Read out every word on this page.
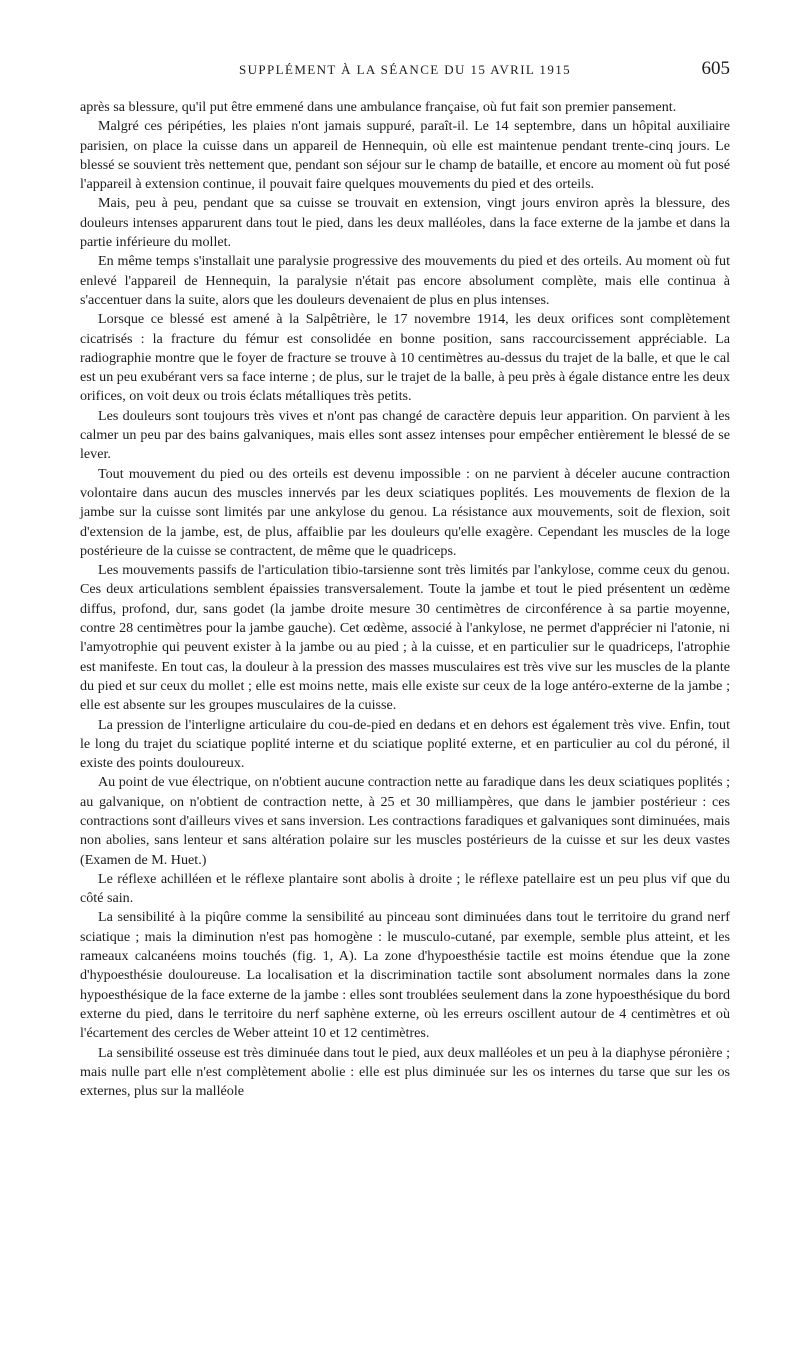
SUPPLÉMENT À LA SÉANCE DU 15 AVRIL 1915	605

après sa blessure, qu'il put être emmené dans une ambulance française, où fut fait son premier pansement.

Malgré ces péripéties, les plaies n'ont jamais suppuré, paraît-il. Le 14 septembre, dans un hôpital auxiliaire parisien, on place la cuisse dans un appareil de Hennequin, où elle est maintenue pendant trente-cinq jours. Le blessé se souvient très nettement que, pendant son séjour sur le champ de bataille, et encore au moment où fut posé l'appareil à extension continue, il pouvait faire quelques mouvements du pied et des orteils.

Mais, peu à peu, pendant que sa cuisse se trouvait en extension, vingt jours environ après la blessure, des douleurs intenses apparurent dans tout le pied, dans les deux malléoles, dans la face externe de la jambe et dans la partie inférieure du mollet.

En même temps s'installait une paralysie progressive des mouvements du pied et des orteils. Au moment où fut enlevé l'appareil de Hennequin, la paralysie n'était pas encore absolument complète, mais elle continua à s'accentuer dans la suite, alors que les douleurs devenaient de plus en plus intenses.

Lorsque ce blessé est amené à la Salpêtrière, le 17 novembre 1914, les deux orifices sont complètement cicatrisés : la fracture du fémur est consolidée en bonne position, sans raccourcissement appréciable. La radiographie montre que le foyer de fracture se trouve à 10 centimètres au-dessus du trajet de la balle, et que le cal est un peu exubérant vers sa face interne ; de plus, sur le trajet de la balle, à peu près à égale distance entre les deux orifices, on voit deux ou trois éclats métalliques très petits.

Les douleurs sont toujours très vives et n'ont pas changé de caractère depuis leur apparition. On parvient à les calmer un peu par des bains galvaniques, mais elles sont assez intenses pour empêcher entièrement le blessé de se lever.

Tout mouvement du pied ou des orteils est devenu impossible : on ne parvient à déceler aucune contraction volontaire dans aucun des muscles innervés par les deux sciatiques poplités. Les mouvements de flexion de la jambe sur la cuisse sont limités par une ankylose du genou. La résistance aux mouvements, soit de flexion, soit d'extension de la jambe, est, de plus, affaiblie par les douleurs qu'elle exagère. Cependant les muscles de la loge postérieure de la cuisse se contractent, de même que le quadriceps.

Les mouvements passifs de l'articulation tibio-tarsienne sont très limités par l'ankylose, comme ceux du genou. Ces deux articulations semblent épaissies transversalement. Toute la jambe et tout le pied présentent un œdème diffus, profond, dur, sans godet (la jambe droite mesure 30 centimètres de circonférence à sa partie moyenne, contre 28 centimètres pour la jambe gauche). Cet œdème, associé à l'ankylose, ne permet d'apprécier ni l'atonie, ni l'amyotrophie qui peuvent exister à la jambe ou au pied ; à la cuisse, et en particulier sur le quadriceps, l'atrophie est manifeste. En tout cas, la douleur à la pression des masses musculaires est très vive sur les muscles de la plante du pied et sur ceux du mollet ; elle est moins nette, mais elle existe sur ceux de la loge antéro-externe de la jambe ; elle est absente sur les groupes musculaires de la cuisse.

La pression de l'interligne articulaire du cou-de-pied en dedans et en dehors est également très vive. Enfin, tout le long du trajet du sciatique poplité interne et du sciatique poplité externe, et en particulier au col du péroné, il existe des points douloureux.

Au point de vue électrique, on n'obtient aucune contraction nette au faradique dans les deux sciatiques poplités ; au galvanique, on n'obtient de contraction nette, à 25 et 30 milliampères, que dans le jambier postérieur : ces contractions sont d'ailleurs vives et sans inversion. Les contractions faradiques et galvaniques sont diminuées, mais non abolies, sans lenteur et sans altération polaire sur les muscles postérieurs de la cuisse et sur les deux vastes (Examen de M. Huet.)

Le réflexe achilléen et le réflexe plantaire sont abolis à droite ; le réflexe patellaire est un peu plus vif que du côté sain.

La sensibilité à la piqûre comme la sensibilité au pinceau sont diminuées dans tout le territoire du grand nerf sciatique ; mais la diminution n'est pas homogène : le musculo-cutané, par exemple, semble plus atteint, et les rameaux calcanéens moins touchés (fig. 1, A). La zone d'hypoesthésie tactile est moins étendue que la zone d'hypoesthésie douloureuse. La localisation et la discrimination tactile sont absolument normales dans la zone hypoesthésique de la face externe de la jambe : elles sont troublées seulement dans la zone hypoesthésique du bord externe du pied, dans le territoire du nerf saphène externe, où les erreurs oscillent autour de 4 centimètres et où l'écartement des cercles de Weber atteint 10 et 12 centimètres.

La sensibilité osseuse est très diminuée dans tout le pied, aux deux malléoles et un peu à la diaphyse péronière ; mais nulle part elle n'est complètement abolie : elle est plus diminuée sur les os internes du tarse que sur les os externes, plus sur la malléole
